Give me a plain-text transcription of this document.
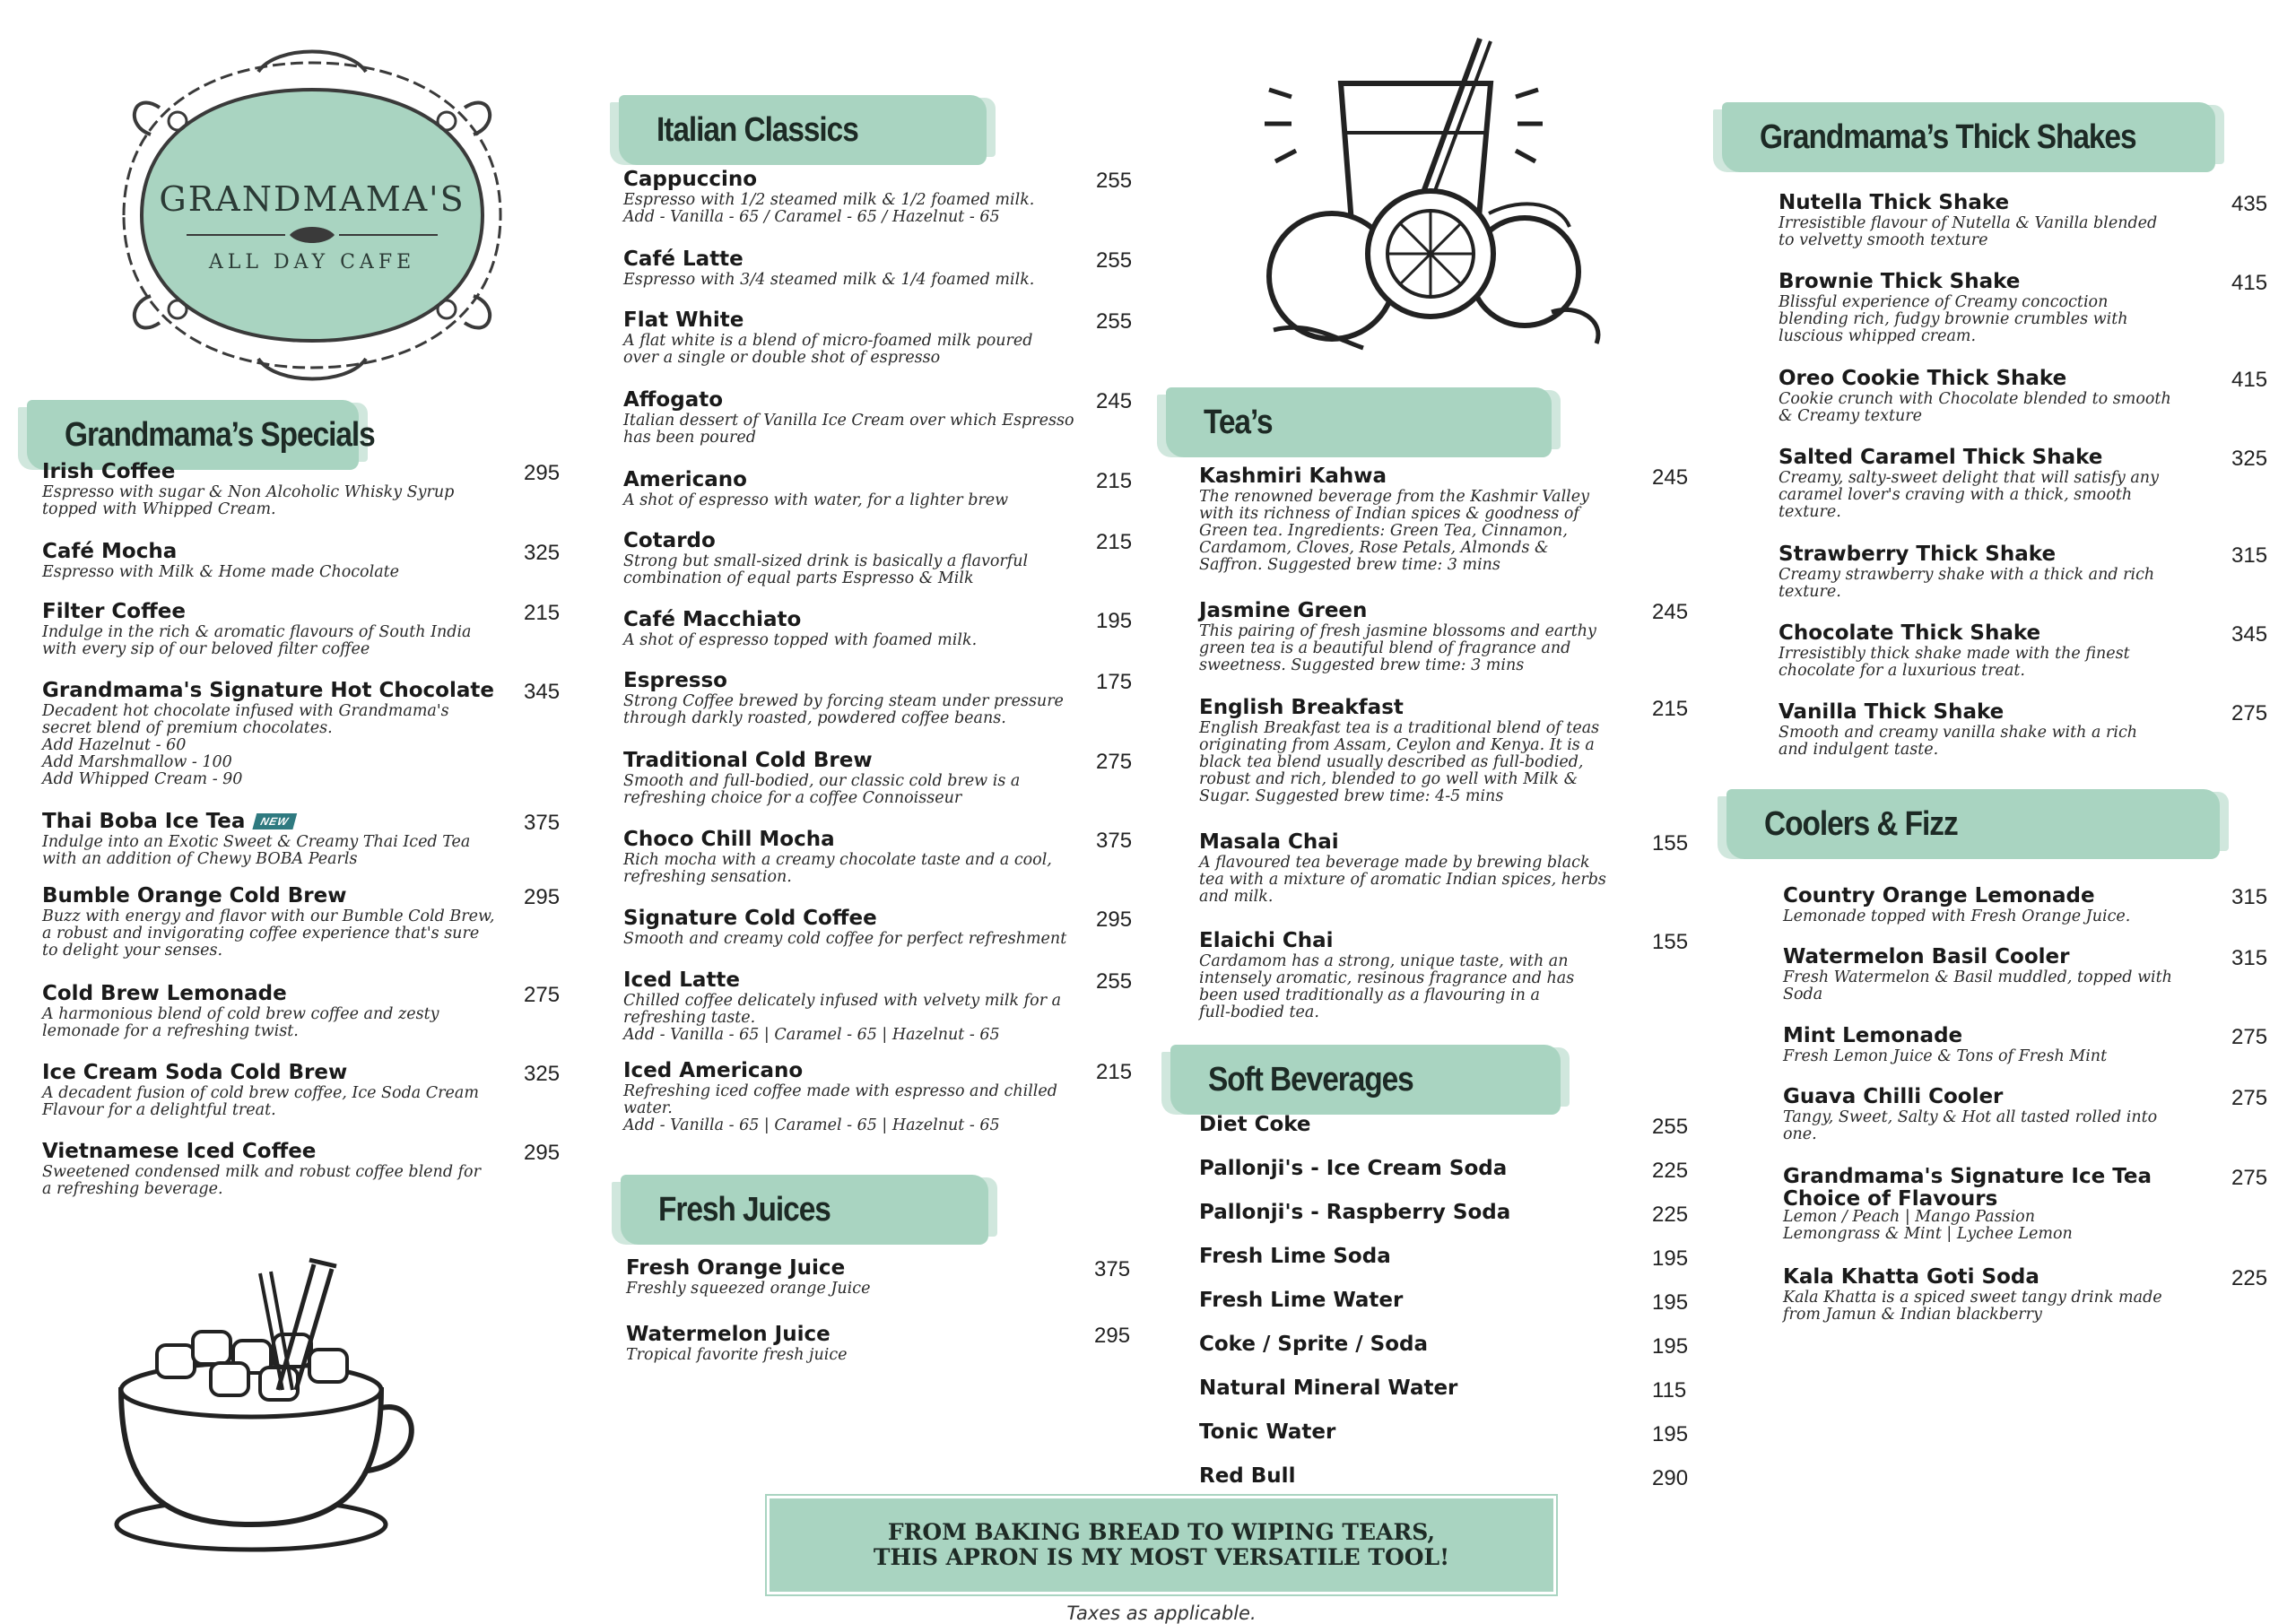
GRANDMAMA'S
ALL DAY CAFE
Grandmama’s Specials
Irish Coffee
Espresso with sugar & Non Alcoholic Whisky Syrup
topped with Whipped Cream.
295
Café Mocha
Espresso with Milk & Home made Chocolate
325
Filter Coffee
Indulge in the rich & aromatic flavours of South India
with every sip of our beloved filter coffee
215
Grandmama's Signature Hot Chocolate
Decadent hot chocolate infused with Grandmama's
secret blend of premium chocolates.
Add Hazelnut - 60
Add Marshmallow - 100
Add Whipped Cream - 90
345
Thai Boba Ice Tea NEW
Indulge into an Exotic Sweet & Creamy Thai Iced Tea
with an addition of Chewy BOBA Pearls
375
Bumble Orange Cold Brew
Buzz with energy and flavor with our Bumble Cold Brew,
a robust and invigorating coffee experience that's sure
to delight your senses.
295
Cold Brew Lemonade
A harmonious blend of cold brew coffee and zesty
lemonade for a refreshing twist.
275
Ice Cream Soda Cold Brew
A decadent fusion of cold brew coffee, Ice Soda Cream
Flavour for a delightful treat.
325
Vietnamese Iced Coffee
Sweetened condensed milk and robust coffee blend for
a refreshing beverage.
295
Italian Classics
Cappuccino
Espresso with 1/2 steamed milk & 1/2 foamed milk.
Add - Vanilla - 65 / Caramel - 65 / Hazelnut - 65
255
Café Latte
Espresso with 3/4 steamed milk & 1/4 foamed milk.
255
Flat White
A flat white is a blend of micro-foamed milk poured
over a single or double shot of espresso
255
Affogato
Italian dessert of Vanilla Ice Cream over which Espresso
has been poured
245
Americano
A shot of espresso with water, for a lighter brew
215
Cotardo
Strong but small-sized drink is basically a flavorful
combination of equal parts Espresso & Milk
215
Café Macchiato
A shot of espresso topped with foamed milk.
195
Espresso
Strong Coffee brewed by forcing steam under pressure
through darkly roasted, powdered coffee beans.
175
Traditional Cold Brew
Smooth and full-bodied, our classic cold brew is a
refreshing choice for a coffee Connoisseur
275
Choco Chill Mocha
Rich mocha with a creamy chocolate taste and a cool,
refreshing sensation.
375
Signature Cold Coffee
Smooth and creamy cold coffee for perfect refreshment
295
Iced Latte
Chilled coffee delicately infused with velvety milk for a
refreshing taste.
Add - Vanilla - 65 | Caramel - 65 | Hazelnut - 65
255
Iced Americano
Refreshing iced coffee made with espresso and chilled
water.
Add - Vanilla - 65 | Caramel - 65 | Hazelnut - 65
215
Fresh Juices
Fresh Orange Juice
Freshly squeezed orange Juice
375
Watermelon Juice
Tropical favorite fresh juice
295
Tea’s
Kashmiri Kahwa
The renowned beverage from the Kashmir Valley
with its richness of Indian spices & goodness of
Green tea. Ingredients: Green Tea, Cinnamon,
Cardamom, Cloves, Rose Petals, Almonds &
Saffron. Suggested brew time: 3 mins
245
Jasmine Green
This pairing of fresh jasmine blossoms and earthy
green tea is a beautiful blend of fragrance and
sweetness. Suggested brew time: 3 mins
245
English Breakfast
English Breakfast tea is a traditional blend of teas
originating from Assam, Ceylon and Kenya. It is a
black tea blend usually described as full-bodied,
robust and rich, blended to go well with Milk &
Sugar. Suggested brew time: 4-5 mins
215
Masala Chai
A flavoured tea beverage made by brewing black
tea with a mixture of aromatic Indian spices, herbs
and milk.
155
Elaichi Chai
Cardamom has a strong, unique taste, with an
intensely aromatic, resinous fragrance and has
been used traditionally as a flavouring in a
full-bodied tea.
155
Soft Beverages
Diet Coke	255
Pallonji's - Ice Cream Soda	225
Pallonji's - Raspberry Soda	225
Fresh Lime Soda	195
Fresh Lime Water	195
Coke / Sprite / Soda	195
Natural Mineral Water	115
Tonic Water	195
Red Bull	290
FROM BAKING BREAD TO WIPING TEARS,
THIS APRON IS MY MOST VERSATILE TOOL!
Taxes as applicable.
Grandmama’s Thick Shakes
Nutella Thick Shake
Irresistible flavour of Nutella & Vanilla blended
to velvetty smooth texture
435
Brownie Thick Shake
Blissful experience of Creamy concoction
blending rich, fudgy brownie crumbles with
luscious whipped cream.
415
Oreo Cookie Thick Shake
Cookie crunch with Chocolate blended to smooth
& Creamy texture
415
Salted Caramel Thick Shake
Creamy, salty-sweet delight that will satisfy any
caramel lover's craving with a thick, smooth
texture.
325
Strawberry Thick Shake
Creamy strawberry shake with a thick and rich
texture.
315
Chocolate Thick Shake
Irresistibly thick shake made with the finest
chocolate for a luxurious treat.
345
Vanilla Thick Shake
Smooth and creamy vanilla shake with a rich
and indulgent taste.
275
Coolers & Fizz
Country Orange Lemonade
Lemonade topped with Fresh Orange Juice.
315
Watermelon Basil Cooler
Fresh Watermelon & Basil muddled, topped with
Soda
315
Mint Lemonade
Fresh Lemon Juice & Tons of Fresh Mint
275
Guava Chilli Cooler
Tangy, Sweet, Salty & Hot all tasted rolled into
one.
275
Grandmama's Signature Ice Tea
Choice of Flavours
Lemon / Peach | Mango Passion
Lemongrass & Mint | Lychee Lemon
275
Kala Khatta Goti Soda
Kala Khatta is a spiced sweet tangy drink made
from Jamun & Indian blackberry
225
